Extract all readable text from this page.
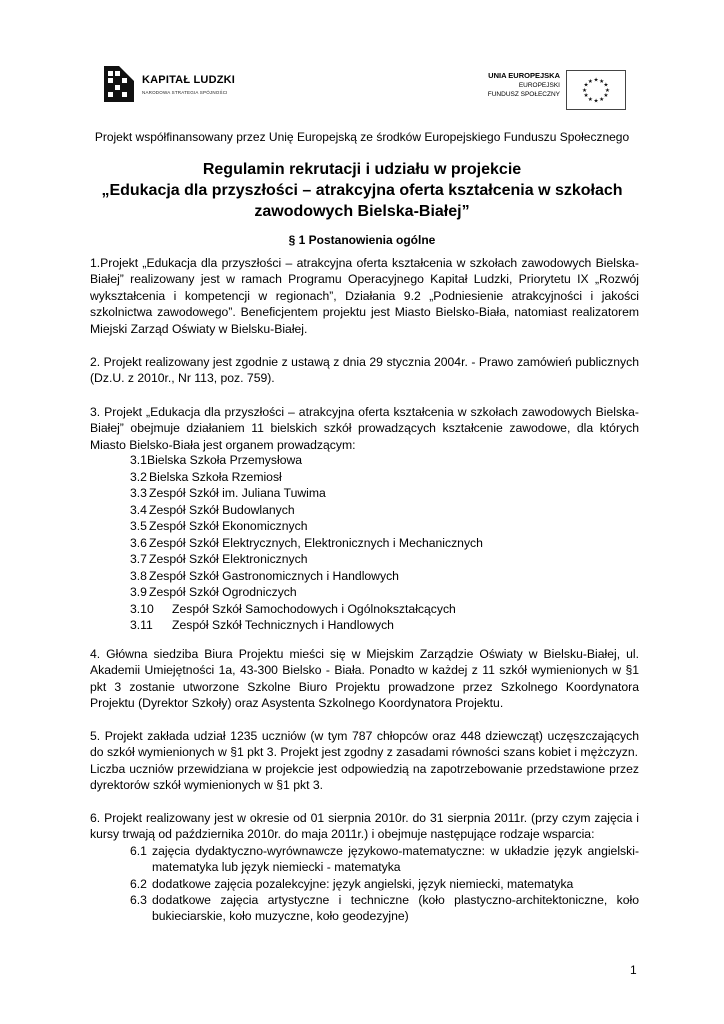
KAPITAŁ LUDZKI
NARODOWA STRATEGIA SPÓJNOŚCI
UNIA EUROPEJSKA
EUROPEJSKI
FUNDUSZ SPOŁECZNY
★ ★
★
★
★
★
★
★
★
★
★
★
Projekt współfinansowany przez Unię Europejską ze środków Europejskiego Funduszu Społecznego
Regulamin rekrutacji i udziału w projekcie
„Edukacja dla przyszłości – atrakcyjna oferta kształcenia w szkołach
zawodowych Bielska-Białej”
§ 1 Postanowienia ogólne
1.Projekt „Edukacja dla przyszłości – atrakcyjna oferta kształcenia w szkołach zawodowych Bielska-Białej” realizowany jest w ramach Programu Operacyjnego Kapitał Ludzki, Priorytetu IX „Rozwój wykształcenia i kompetencji w regionach”, Działania 9.2 „Podniesienie atrakcyjności i jakości szkolnictwa zawodowego”. Beneficjentem projektu jest Miasto Bielsko-Biała, natomiast realizatorem Miejski Zarząd Oświaty w Bielsku-Białej.
2. Projekt realizowany jest zgodnie z ustawą z dnia 29 stycznia 2004r. - Prawo zamówień publicznych (Dz.U. z 2010r., Nr 113, poz. 759).
3. Projekt „Edukacja dla przyszłości – atrakcyjna oferta kształcenia w szkołach zawodowych Bielska-Białej” obejmuje działaniem 11 bielskich szkół prowadzących kształcenie zawodowe, dla których Miasto Bielsko-Biała jest organem prowadzącym:
3.1Bielska Szkoła Przemysłowa
3.2 Bielska Szkoła Rzemiosł
3.3 Zespół Szkół im. Juliana Tuwima
3.4 Zespół Szkół Budowlanych
3.5 Zespół Szkół Ekonomicznych
3.6 Zespół Szkół Elektrycznych, Elektronicznych i Mechanicznych
3.7 Zespół Szkół Elektronicznych
3.8 Zespół Szkół Gastronomicznych i Handlowych
3.9 Zespół Szkół Ogrodniczych
3.10 Zespół Szkół Samochodowych i Ogólnokształcących
3.11 Zespół Szkół Technicznych i Handlowych
4. Główna siedziba Biura Projektu mieści się w Miejskim Zarządzie Oświaty w Bielsku-Białej, ul. Akademii Umiejętności 1a, 43-300 Bielsko - Biała. Ponadto w każdej z 11 szkół wymienionych w §1 pkt 3 zostanie utworzone Szkolne Biuro Projektu prowadzone przez Szkolnego Koordynatora Projektu (Dyrektor Szkoły) oraz Asystenta Szkolnego Koordynatora Projektu.
5. Projekt zakłada udział 1235 uczniów (w tym 787 chłopców oraz 448 dziewcząt) uczęszczających do szkół wymienionych w §1 pkt 3. Projekt jest zgodny z zasadami równości szans kobiet i mężczyzn.
Liczba uczniów przewidziana w projekcie jest odpowiedzią na zapotrzebowanie przedstawione przez dyrektorów szkół wymienionych w §1 pkt 3.
6. Projekt realizowany jest w okresie od 01 sierpnia 2010r. do 31 sierpnia 2011r. (przy czym zajęcia i kursy trwają od października 2010r. do maja 2011r.) i obejmuje następujące rodzaje wsparcia:
6.1 zajęcia dydaktyczno-wyrównawcze językowo-matematyczne: w układzie język angielski-matematyka lub język niemiecki - matematyka
6.2 dodatkowe zajęcia pozalekcyjne: język angielski, język niemiecki, matematyka
6.3 dodatkowe zajęcia artystyczne i techniczne (koło plastyczno-architektoniczne, koło bukieciarskie, koło muzyczne, koło geodezyjne)
1
